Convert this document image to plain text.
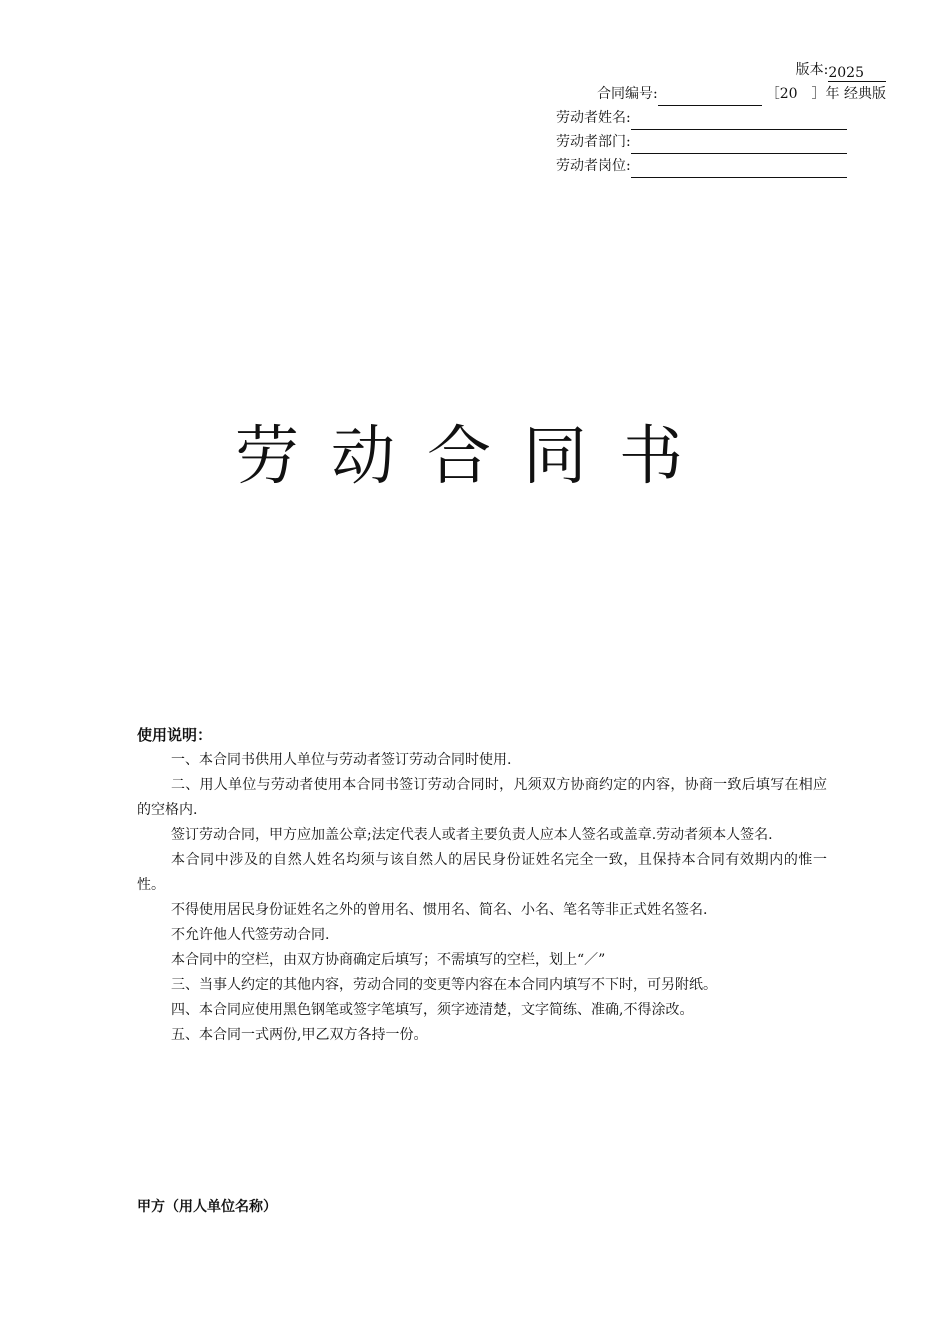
版本: 2025
合同编号:	［20　］年 经典版
劳动者姓名:
劳动者部门:
劳动者岗位:
劳动合同书
使用说明：

一、本合同书供用人单位与劳动者签订劳动合同时使用.

二、用人单位与劳动者使用本合同书签订劳动合同时，凡须双方协商约定的内容，协商一致后填写在相应的空格内.

签订劳动合同，甲方应加盖公章;法定代表人或者主要负责人应本人签名或盖章.劳动者须本人签名.

本合同中涉及的自然人姓名均须与该自然人的居民身份证姓名完全一致，且保持本合同有效期内的惟一性。

不得使用居民身份证姓名之外的曾用名、惯用名、简名、小名、笔名等非正式姓名签名.

不允许他人代签劳动合同.

本合同中的空栏，由双方协商确定后填写；不需填写的空栏，划上“／”

三、当事人约定的其他内容，劳动合同的变更等内容在本合同内填写不下时，可另附纸。

四、本合同应使用黑色钢笔或签字笔填写，须字迹清楚，文字简练、准确,不得涂改。

五、本合同一式两份,甲乙双方各持一份。

甲方（用人单位名称）
